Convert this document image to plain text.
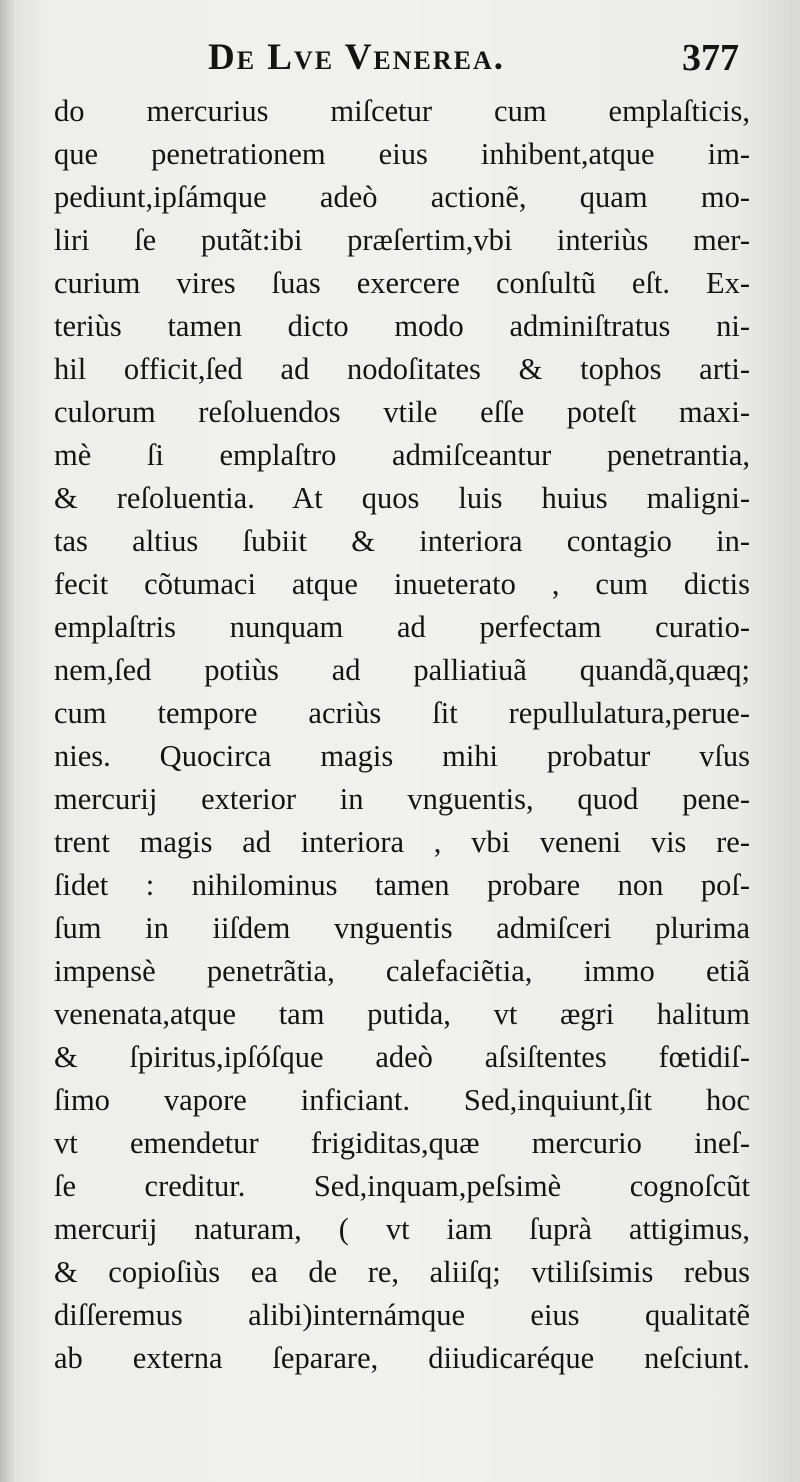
De Lve Venerea.	377
do mercurius miſcetur cum emplaſticis,
que penetrationem eius inhibent,atque im-
pediunt,ipſámque adeò actionẽ, quam mo-
liri ſe putãt:ibi præſertim,vbi interiùs mer-
curium vires ſuas exercere conſultũ eſt. Ex-
teriùs tamen dicto modo adminiſtratus ni-
hil officit,ſed ad nodoſitates & tophos arti-
culorum reſoluendos vtile eſſe poteſt maxi-
mè ſi emplaſtro admiſceantur penetrantia,
& reſoluentia. At quos luis huius maligni-
tas altius ſubiit & interiora contagio in-
fecit cõtumaci atque inueterato , cum dictis
emplaſtris nunquam ad perfectam curatio-
nem,ſed potiùs ad palliatiuã quandã,quæq;
cum tempore acriùs ſit repullulatura,perue-
nies. Quocirca magis mihi probatur vſus
mercurij exterior in vnguentis, quod pene-
trent magis ad interiora , vbi veneni vis re-
ſidet : nihilominus tamen probare non poſ-
ſum in iiſdem vnguentis admiſceri plurima
impensè penetrãtia, calefaciẽtia, immo etiã
venenata,atque tam putida, vt ægri halitum
& ſpiritus,ipſóſque adeò aſsiſtentes fœtidiſ-
ſimo vapore inficiant. Sed,inquiunt,ſit hoc
vt emendetur frigiditas,quæ mercurio ineſ-
ſe creditur. Sed,inquam,peſsimè cognoſcũt
mercurij naturam, ( vt iam ſuprà attigimus,
& copioſiùs ea de re, aliiſq; vtiliſsimis rebus
diſſeremus alibi)internámque eius qualitatẽ
ab externa ſeparare, diiudicaréque neſciunt.
